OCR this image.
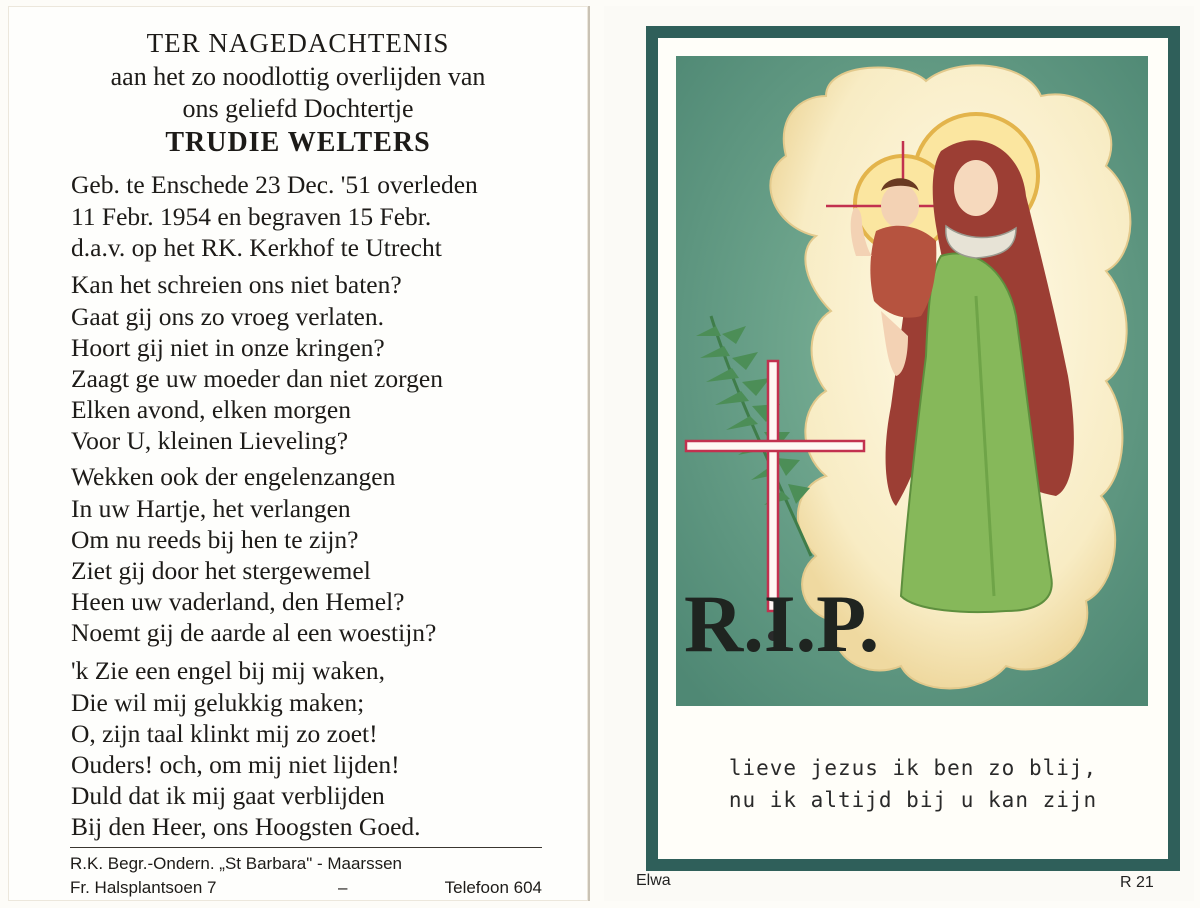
TER NAGEDACHTENIS
aan het zo noodlottig overlijden van
ons geliefd Dochtertje
TRUDIE WELTERS
Geb. te Enschede 23 Dec. '51 overleden
11 Febr. 1954 en begraven 15 Febr.
d.a.v. op het RK. Kerkhof te Utrecht
Kan het schreien ons niet baten?
Gaat gij ons zo vroeg verlaten.
Hoort gij niet in onze kringen?
Zaagt ge uw moeder dan niet zorgen
Elken avond, elken morgen
Voor U, kleinen Lieveling?
Wekken ook der engelenzangen
In uw Hartje, het verlangen
Om nu reeds bij hen te zijn?
Ziet gij door het stergewemel
Heen uw vaderland, den Hemel?
Noemt gij de aarde al een woestijn?
'k Zie een engel bij mij waken,
Die wil mij gelukkig maken;
O, zijn taal klinkt mij zo zoet!
Ouders! och, om mij niet lijden!
Duld dat ik mij gaat verblijden
Bij den Heer, ons Hoogsten Goed.
R.K. Begr.-Ondern. „St Barbara" - Maarssen
Fr. Halsplantsoen 7	–	Telefoon 604
R.I.P.
lieve jezus ik ben zo blij,
nu ik altijd bij u kan zijn
Elwa	R 21
